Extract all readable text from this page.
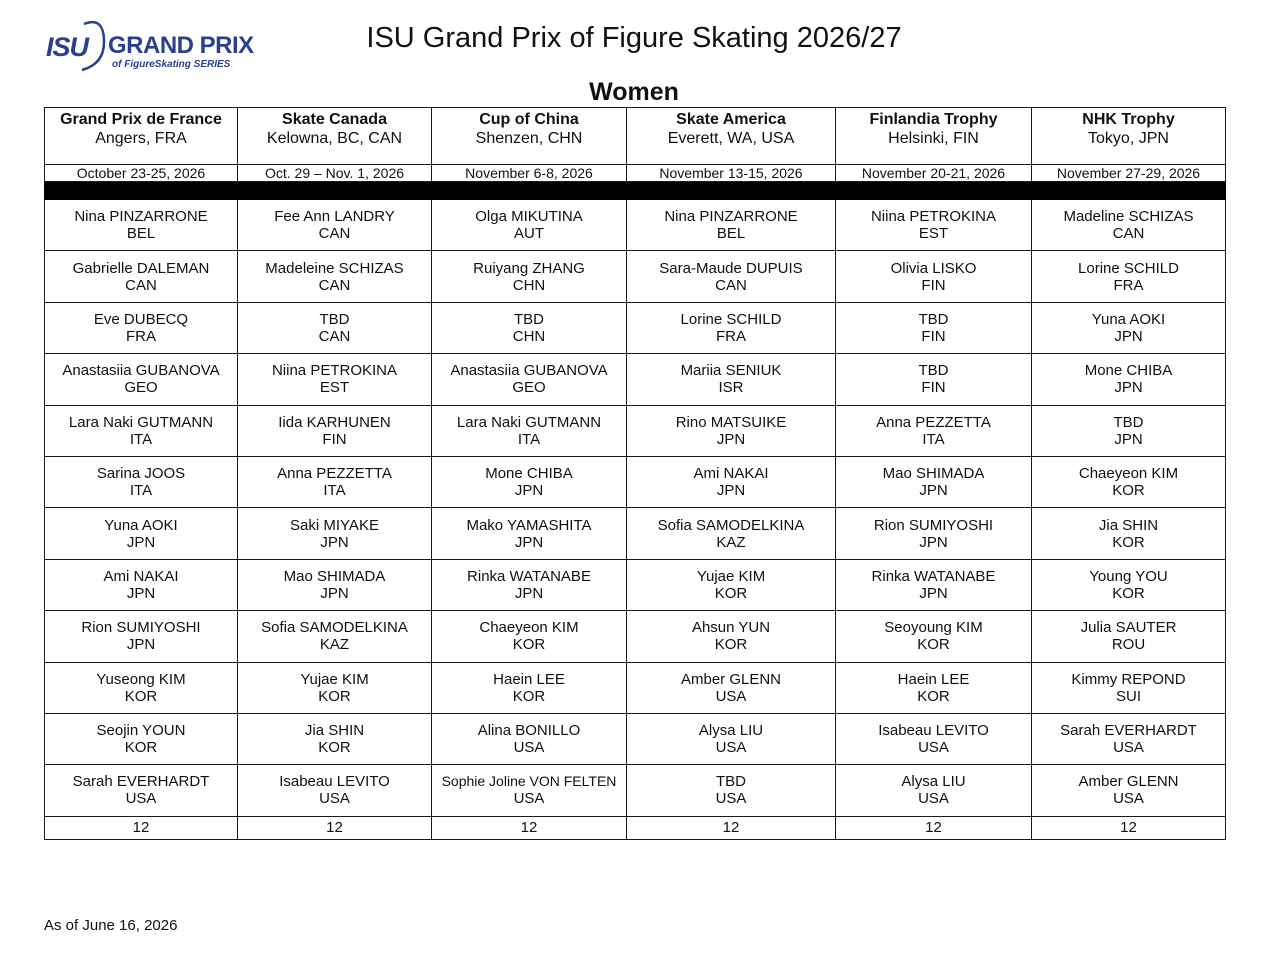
ISU GRAND PRIX
of FigureSkating SERIES
ISU Grand Prix of Figure Skating 2026/27
Women
Grand Prix de France
Angers, FRA	Skate Canada
Kelowna, BC, CAN	Cup of China
Shenzen, CHN	Skate America
Everett, WA, USA	Finlandia Trophy
Helsinki, FIN	NHK Trophy
Tokyo, JPN

October 23-25, 2026	Oct. 29 – Nov. 1, 2026	November 6-8, 2026	November 13-15, 2026	November 20-21, 2026	November 27-29, 2026

Nina PINZARRONE
BEL	Fee Ann LANDRY
CAN	Olga MIKUTINA
AUT	Nina PINZARRONE
BEL	Niina PETROKINA
EST	Madeline SCHIZAS
CAN

Gabrielle DALEMAN
CAN	Madeleine SCHIZAS
CAN	Ruiyang ZHANG
CHN	Sara-Maude DUPUIS
CAN	Olivia LISKO
FIN	Lorine SCHILD
FRA

Eve DUBECQ
FRA	TBD
CAN	TBD
CHN	Lorine SCHILD
FRA	TBD
FIN	Yuna AOKI
JPN

Anastasiia GUBANOVA
GEO	Niina PETROKINA
EST	Anastasiia GUBANOVA
GEO	Mariia SENIUK
ISR	TBD
FIN	Mone CHIBA
JPN

Lara Naki GUTMANN
ITA	Iida KARHUNEN
FIN	Lara Naki GUTMANN
ITA	Rino MATSUIKE
JPN	Anna PEZZETTA
ITA	TBD
JPN

Sarina JOOS
ITA	Anna PEZZETTA
ITA	Mone CHIBA
JPN	Ami NAKAI
JPN	Mao SHIMADA
JPN	Chaeyeon KIM
KOR

Yuna AOKI
JPN	Saki MIYAKE
JPN	Mako YAMASHITA
JPN	Sofia SAMODELKINA
KAZ	Rion SUMIYOSHI
JPN	Jia SHIN
KOR

Ami NAKAI
JPN	Mao SHIMADA
JPN	Rinka WATANABE
JPN	Yujae KIM
KOR	Rinka WATANABE
JPN	Young YOU
KOR

Rion SUMIYOSHI
JPN	Sofia SAMODELKINA
KAZ	Chaeyeon KIM
KOR	Ahsun YUN
KOR	Seoyoung KIM
KOR	Julia SAUTER
ROU

Yuseong KIM
KOR	Yujae KIM
KOR	Haein LEE
KOR	Amber GLENN
USA	Haein LEE
KOR	Kimmy REPOND
SUI

Seojin YOUN
KOR	Jia SHIN
KOR	Alina BONILLO
USA	Alysa LIU
USA	Isabeau LEVITO
USA	Sarah EVERHARDT
USA

Sarah EVERHARDT
USA	Isabeau LEVITO
USA	Sophie Joline VON FELTEN
USA	TBD
USA	Alysa LIU
USA	Amber GLENN
USA

12	12	12	12	12	12
As of June 16, 2026
